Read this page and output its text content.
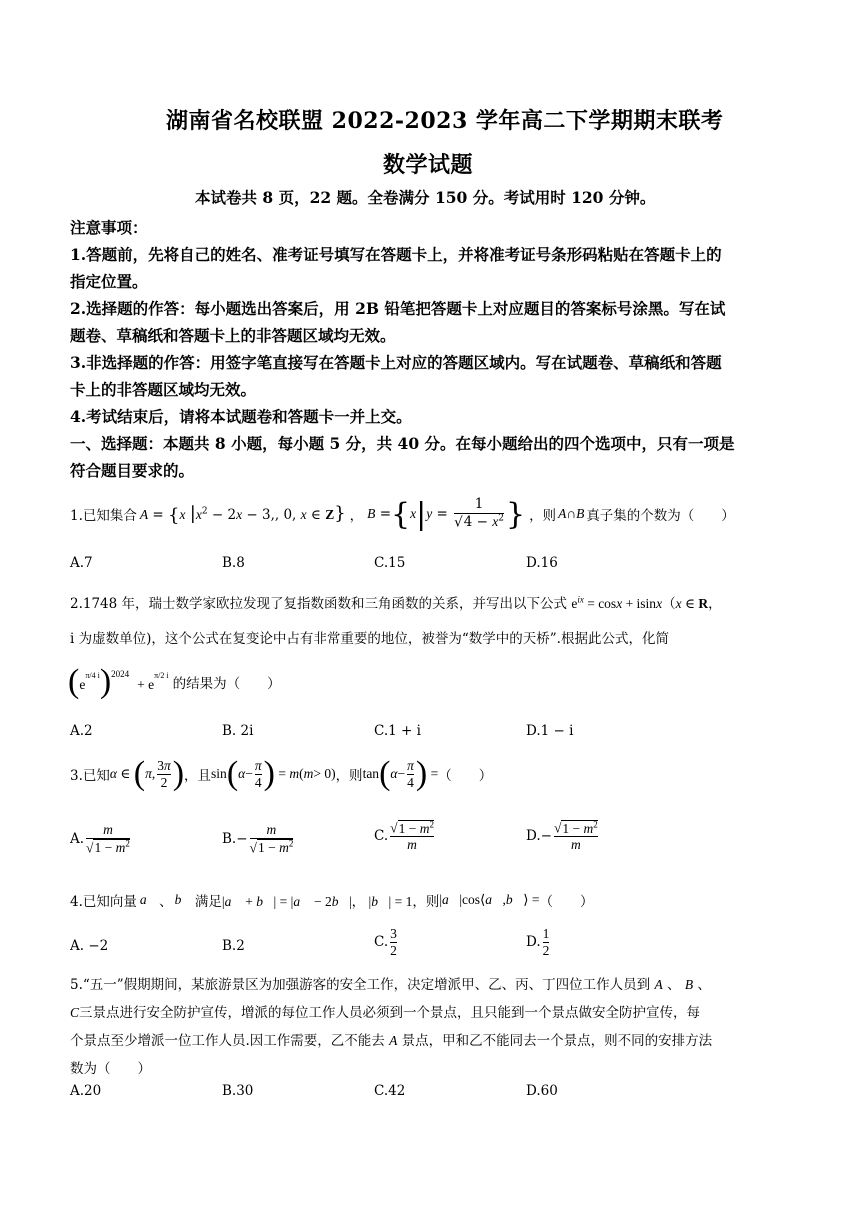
湖南省名校联盟 2022-2023 学年高二下学期期末联考
数学试题
本试卷共 8 页，22 题。全卷满分 150 分。考试用时 120 分钟。
注意事项：
1.答题前，先将自己的姓名、准考证号填写在答题卡上，并将准考证号条形码粘贴在答题卡上的
指定位置。
2.选择题的作答：每小题选出答案后，用 2B 铅笔把答题卡上对应题目的答案标号涂黑。写在试
题卷、草稿纸和答题卡上的非答题区域均无效。
3.非选择题的作答：用签字笔直接写在答题卡上对应的答题区域内。写在试题卷、草稿纸和答题
卡上的非答题区域均无效。
4.考试结束后，请将本试题卷和答题卡一并上交。
一、选择题：本题共 8 小题，每小题 5 分，共 40 分。在每小题给出的四个选项中，只有一项是
符合题目要求的。
1.已知集合 A = {x $|x^2 - 2x - 3$,, 0, x ∈ Z} ， B = { x | $y = \frac{1}{√4 - x^2}$ } ，则 A∩B 真子集的个数为（　　）
A.7	B.8	C.15	D.16
2.1748 年，瑞士数学家欧拉发现了复指数函数和三角函数的关系，并写出以下公式 $e^{ix} = \cos x + isinx(x$ ∈ R，
i 为虚数单位)，这个公式在复变论中占有非常重要的地位，被誉为“数学中的天桥”.根据此公式，化简
( $e^{\pi/4 i}$ ) 2024
+ $e^{\pi/2 i}$
的结果为（　　）
A.2	B. 2i	C.1 + i	D.1 − i
3.已知 α ∈ ( π , $\frac{3\pi}{2}$ ) ，且 sin ( $\alpha - \frac{\pi}{4}$ ) = m ( m > 0) ，则 tan ( $\alpha - \frac{\pi}{4}$ ) = （　　）
A. $\frac{m}{√1 - m^2}$	$B.- \frac{m}{√1 - m^2}$	C. $\frac{√1 - m^2}{m}$	$D.- \frac{√1 - m^2}{m}$
4.已知向量 a⃗ 、 b⃗ 满足 |a⃗ + b⃗| = |a⃗ − 2b⃗|， |b⃗| = 1 ，则 |a⃗|cos⟨a⃗,b⃗⟩ = （　　）
A. −2	B.2	C. $\frac{3}{2}$	D. $\frac{1}{2}$
5.“五一”假期期间，某旅游景区为加强游客的安全工作，决定增派甲、乙、丙、丁四位工作人员到 A 、 B 、
C三景点进行安全防护宣传，增派的每位工作人员必须到一个景点，且只能到一个景点做安全防护宣传，每
个景点至少增派一位工作人员.因工作需要，乙不能去 A 景点，甲和乙不能同去一个景点，则不同的安排方法
数为（　　）
A.20	B.30	C.42	D.60
